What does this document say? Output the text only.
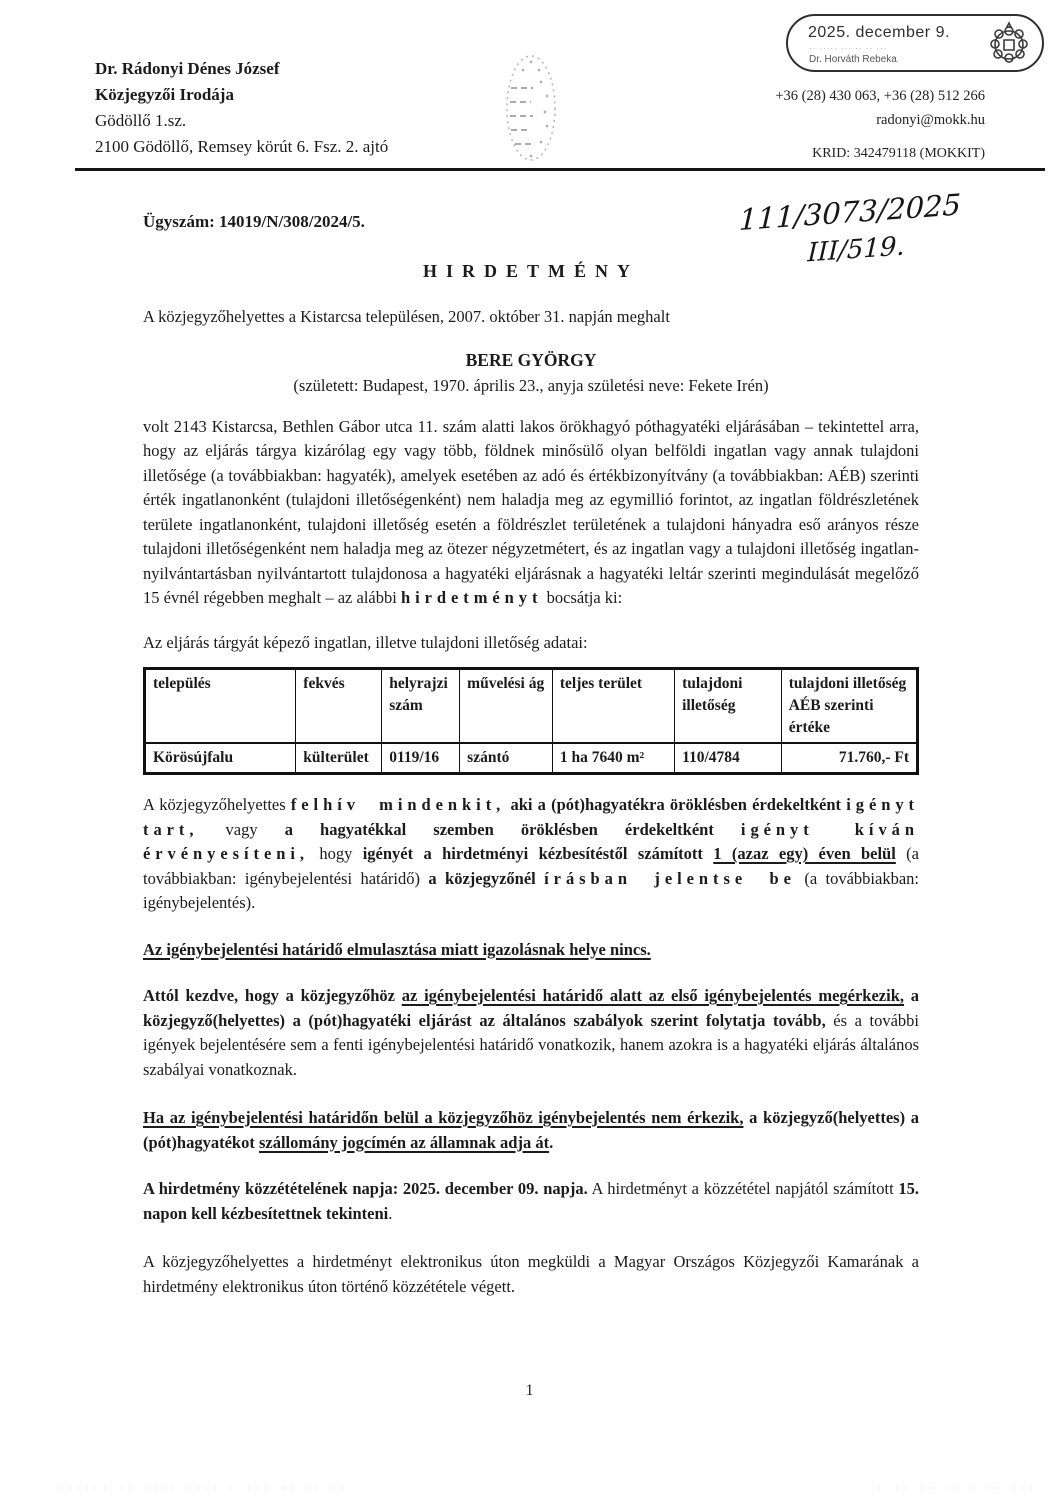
Dr. Rádonyi Dénes József
Közjegyzői Irodája
Gödöllő 1.sz.
2100 Gödöllő, Remsey körút 6. Fsz. 2. ajtó
2025. december 9.
·· ····· ··· ·· ·· ···
Dr. Horváth Rebeka
+36 (28) 430 063, +36 (28) 512 266
radonyi@mokk.hu
KRID: 342479118 (MOKKIT)
111/3073/2025
III/519.
Ügyszám: 14019/N/308/2024/5.
HIRDETMÉNY

A közjegyzőhelyettes a Kistarcsa településen, 2007. október 31. napján meghalt

BERE GYÖRGY
(született: Budapest, 1970. április 23., anyja születési neve: Fekete Irén)

volt 2143 Kistarcsa, Bethlen Gábor utca 11. szám alatti lakos örökhagyó póthagyatéki eljárásában – tekintettel arra, hogy az eljárás tárgya kizárólag egy vagy több, földnek minősülő olyan belföldi ingatlan vagy annak tulajdoni illetősége (a továbbiakban: hagyaték), amelyek esetében az adó és értékbizonyítvány (a továbbiakban: AÉB) szerinti érték ingatlanonként (tulajdoni illetőségenként) nem haladja meg az egymillió forintot, az ingatlan földrészletének területe ingatlanonként, tulajdoni illetőség esetén a földrészlet területének a tulajdoni hányadra eső arányos része tulajdoni illetőségenként nem haladja meg az ötezer négyzetmétert, és az ingatlan vagy a tulajdoni illetőség ingatlan-nyilvántartásban nyilvántartott tulajdonosa a hagyatéki eljárásnak a hagyatéki leltár szerinti megindulását megelőző 15 évnél régebben meghalt – az alábbi hirdetményt bocsátja ki:

Az eljárás tárgyát képező ingatlan, illetve tulajdoni illetőség adatai:

település	fekvés	helyrajzi szám	művelési ág	teljes terület	tulajdoni illetőség	tulajdoni illetőség AÉB szerinti értéke
Körösújfalu	külterület	0119/16	szántó	1 ha 7640 m²	110/4784	71.760,- Ft

A közjegyzőhelyettes felhív mindenkit, aki a (pót)hagyatékra öröklésben érdekeltként igényt tart, vagy a hagyatékkal szemben öröklésben érdekeltként igényt kíván érvényesíteni, hogy igényét a hirdetményi kézbesítéstől számított 1 (azaz egy) éven belül (a továbbiakban: igénybejelentési határidő) a közjegyzőnél írásban jelentse be (a továbbiakban: igénybejelentés).

Az igénybejelentési határidő elmulasztása miatt igazolásnak helye nincs.

Attól kezdve, hogy a közjegyzőhöz az igénybejelentési határidő alatt az első igénybejelentés megérkezik, a közjegyző(helyettes) a (pót)hagyatéki eljárást az általános szabályok szerint folytatja tovább, és a további igények bejelentésére sem a fenti igénybejelentési határidő vonatkozik, hanem azokra is a hagyatéki eljárás általános szabályai vonatkoznak.

Ha az igénybejelentési határidőn belül a közjegyzőhöz igénybejelentés nem érkezik, a közjegyző(helyettes) a (pót)hagyatékot szállomány jogcímén az államnak adja át.

A hirdetmény közzétételének napja: 2025. december 09. napja. A hirdetményt a közzététel napjától számított 15. napon kell kézbesítettnek tekinteni.

A közjegyzőhelyettes a hirdetményt elektronikus úton megküldi a Magyar Országos Közjegyzői Kamarának a hirdetmény elektronikus úton történő közzététele végett.

1
······ ·· ···· ···· · ··· ·· ·· ··	· ·· ·· ·· · ·· ···
